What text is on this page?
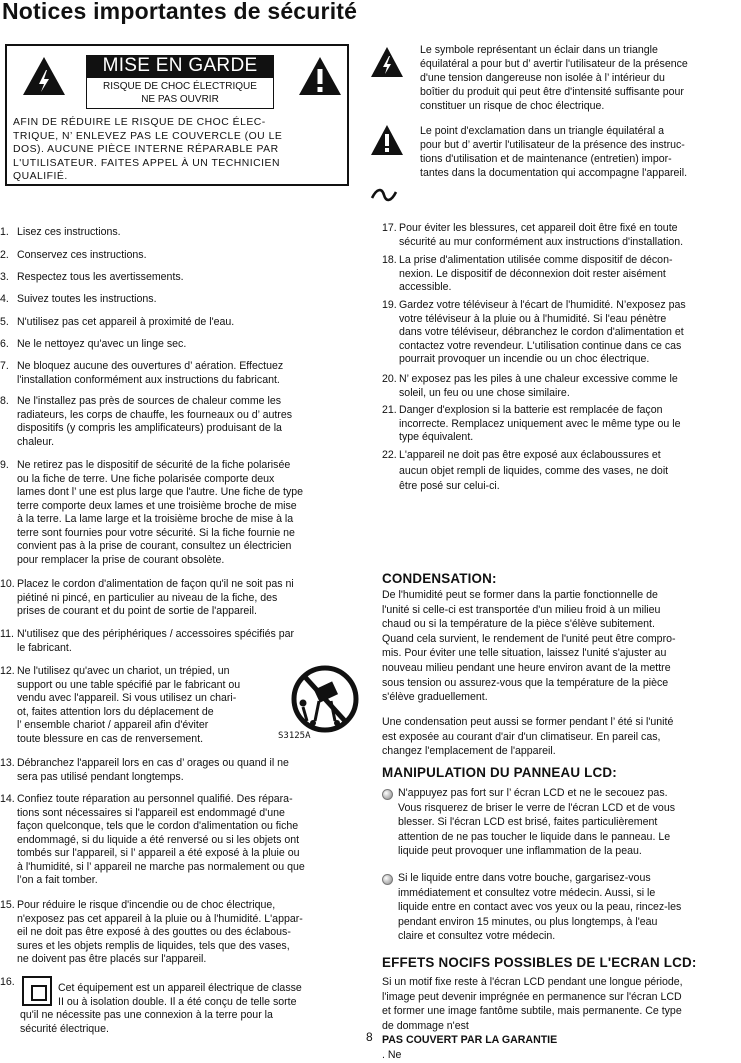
Notices importantes de sécurité
MISE EN GARDE
RISQUE DE CHOC ÉLECTRIQUE
NE PAS OUVRIR
AFIN DE RÉDUIRE LE RISQUE DE CHOC ÉLEC-
TRIQUE, N’ ENLEVEZ PAS LE COUVERCLE (OU LE
DOS). AUCUNE PIÈCE INTERNE RÉPARABLE PAR
L'UTILISATEUR. FAITES APPEL À UN TECHNICIEN
QUALIFIÉ.
Le symbole représentant un éclair dans un triangle
équilatéral a pour but d’ avertir l'utilisateur de la présence
d'une tension dangereuse non isolée à l’ intérieur du
boîtier du produit qui peut être d'intensité suffisante pour
constituer un risque de choc électrique.
Le point d'exclamation dans un triangle équilatéral a
pour but d’ avertir l'utilisateur de la présence des instruc-
tions d'utilisation et de maintenance (entretien) impor-
tantes dans la documentation qui accompagne l'appareil.
1. Lisez ces instructions.
2. Conservez ces instructions.
3. Respectez tous les avertissements.
4. Suivez toutes les instructions.
5. N'utilisez pas cet appareil à proximité de l'eau.
6. Ne le nettoyez qu'avec un linge sec.
7. Ne bloquez aucune des ouvertures d’ aération. Effectuez
l'installation conformément aux instructions du fabricant.
8. Ne l'installez pas près de sources de chaleur comme les
radiateurs, les corps de chauffe, les fourneaux ou d’ autres
dispositifs (y compris les amplificateurs) produisant de la
chaleur.
9. Ne retirez pas le dispositif de sécurité de la fiche polarisée
ou la fiche de terre. Une fiche polarisée comporte deux
lames dont l’ une est plus large que l'autre. Une fiche de type
terre comporte deux lames et une troisième broche de mise
à la terre. La lame large et la troisième broche de mise à la
terre sont fournies pour votre sécurité. Si la fiche fournie ne
convient pas à la prise de courant, consultez un électricien
pour remplacer la prise de courant obsolète.
10. Placez le cordon d'alimentation de façon qu'il ne soit pas ni
piétiné ni pincé, en particulier au niveau de la fiche, des
prises de courant et du point de sortie de l'appareil.
11. N'utilisez que des périphériques / accessoires spécifiés par
le fabricant.
12. Ne l'utilisez qu'avec un chariot, un trépied, un
support ou une table spécifié par le fabricant ou
vendu avec l'appareil. Si vous utilisez un chari-
ot, faites attention lors du déplacement de
l’ ensemble chariot / appareil afin d'éviter
toute blessure en cas de renversement.
13. Débranchez l'appareil lors en cas d’ orages ou quand il ne
sera pas utilisé pendant longtemps.
14. Confiez toute réparation au personnel qualifié. Des répara-
tions sont nécessaires si l'appareil est endommagé d'une
façon quelconque, tels que le cordon d'alimentation ou fiche
endommagé, si du liquide a été renversé ou si les objets ont
tombés sur l'appareil, si l’ appareil a été exposé à la pluie ou
à l'humidité, si l’ appareil ne marche pas normalement ou que
l’on a fait tomber.
15. Pour réduire le risque d'incendie ou de choc électrique,
n'exposez pas cet appareil à la pluie ou à l'humidité. L'appar-
eil ne doit pas être exposé à des gouttes ou des éclabous-
sures et les objets remplis de liquides, tels que des vases,
ne doivent pas être placés sur l'appareil.
16.	Cet équipement est un appareil électrique de classe
II ou à isolation double. Il a été conçu de telle sorte
qu'il ne nécessite pas une connexion à la terre pour la
sécurité électrique.
S3125A
17. Pour éviter les blessures, cet appareil doit être fixé en toute
sécurité au mur conformément aux instructions d'installation.
18. La prise d'alimentation utilisée comme dispositif de décon-
nexion. Le dispositif de déconnexion doit rester aisément
accessible.
19. Gardez votre téléviseur à l'écart de l'humidité. N’exposez pas
votre téléviseur à la pluie ou à l'humidité. Si l'eau pénètre
dans votre téléviseur, débranchez le cordon d'alimentation et
contactez votre revendeur. L'utilisation continue dans ce cas
pourrait provoquer un incendie ou un choc électrique.
20. N’ exposez pas les piles à une chaleur excessive comme le
soleil, un feu ou une chose similaire.
21. Danger d'explosion si la batterie est remplacée de façon
incorrecte. Remplacez uniquement avec le même type ou le
type équivalent.
22. L'appareil ne doit pas être exposé aux éclaboussures et
aucun objet rempli de liquides, comme des vases, ne doit
être posé sur celui-ci.
CONDENSATION:
De l'humidité peut se former dans la partie fonctionnelle de
l'unité si celle-ci est transportée d'un milieu froid à un milieu
chaud ou si la température de la pièce s'élève subitement.
Quand cela survient, le rendement de l'unité peut être compro-
mis. Pour éviter une telle situation, laissez l'unité s'ajuster au
nouveau milieu pendant une heure environ avant de la mettre
sous tension ou assurez-vous que la température de la pièce
s'élève graduellement.
Une condensation peut aussi se former pendant l’ été si l'unité
est exposée au courant d'air d'un climatiseur. En pareil cas,
changez l'emplacement de l'appareil.
MANIPULATION DU PANNEAU LCD:
N'appuyez pas fort sur l’ écran LCD et ne le secouez pas.
Vous risquerez de briser le verre de l'écran LCD et de vous
blesser. Si l'écran LCD est brisé, faites particulièrement
attention de ne pas toucher le liquide dans le panneau. Le
liquide peut provoquer une inflammation de la peau.
Si le liquide entre dans votre bouche, gargarisez-vous
immédiatement et consultez votre médecin. Aussi, si le
liquide entre en contact avec vos yeux ou la peau, rincez-les
pendant environ 15 minutes, ou plus longtemps, à l'eau
claire et consultez votre médecin.
EFFETS NOCIFS POSSIBLES DE L'ECRAN LCD:
Si un motif fixe reste à l'écran LCD pendant une longue période,
l'image peut devenir imprégnée en permanence sur l'écran LCD
et former une image fantôme subtile, mais permanente. Ce type
de dommage n'est
PAS COUVERT PAR LA GARANTIE
. Ne
8
